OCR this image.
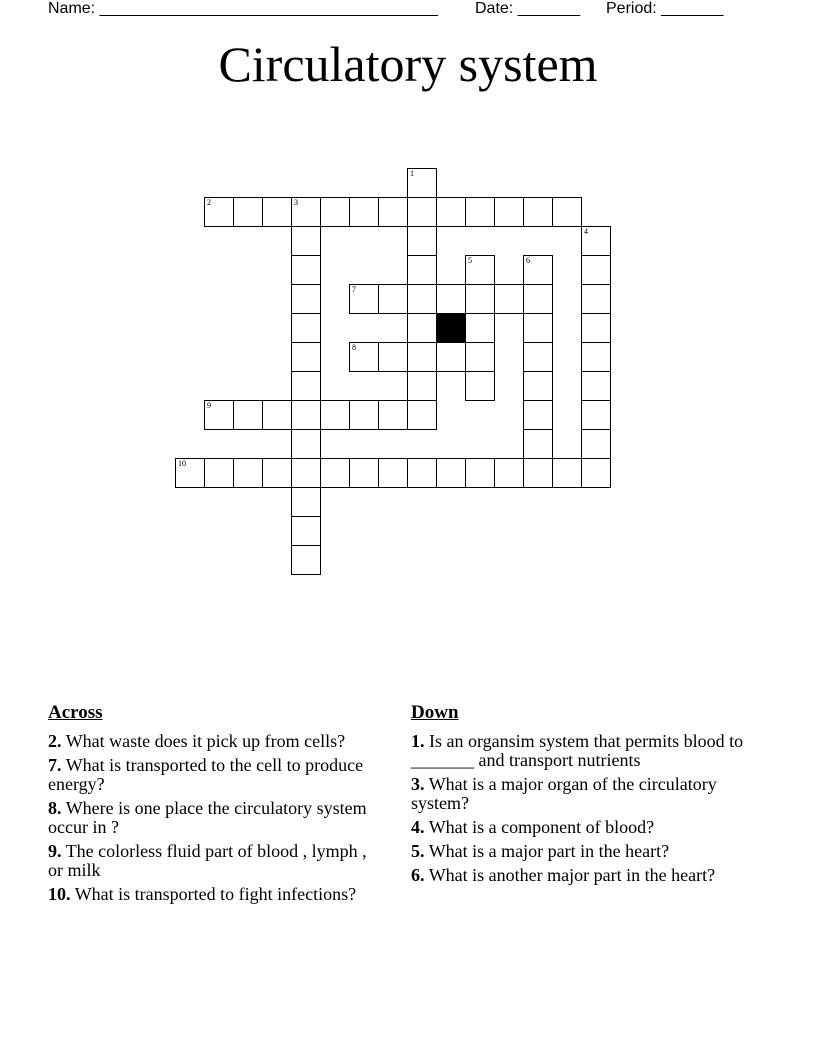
Name: ______________________________________ Date: _______ Period: _______
Circulatory system
1
2	3
4
5	6
7
8
9
10
Across
2. What waste does it pick up from cells?
7. What is transported to the cell to produce energy?
8. Where is one place the circulatory system occur in ?
9. The colorless fluid part of blood , lymph , or milk
10. What is transported to fight infections?
Down
1. Is an organsim system that permits blood to _______ and transport nutrients
3. What is a major organ of the circulatory system?
4. What is a component of blood?
5. What is a major part in the heart?
6. What is another major part in the heart?
